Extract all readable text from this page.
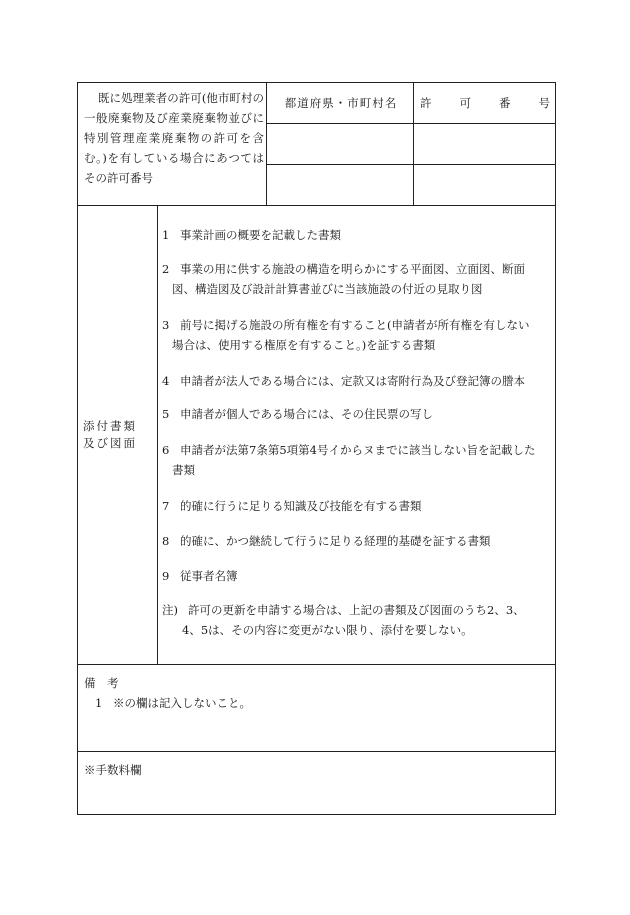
既に処理業者の許可(他市町村の一般廃棄物及び産業廃棄物並びに特別管理産業廃棄物の許可を含む。)を有している場合にあつてはその許可番号
都道府県・市町村名	許 可 番 号
添付書類
及び図面
1 事業計画の概要を記載した書類
2 事業の用に供する施設の構造を明らかにする平面図、立面図、断面
図、構造図及び設計計算書並びに当該施設の付近の見取り図
3 前号に掲げる施設の所有権を有すること(申請者が所有権を有しない
場合は、使用する権原を有すること。)を証する書類
4 申請者が法人である場合には、定款又は寄附行為及び登記簿の謄本
5 申請者が個人である場合には、その住民票の写し
6 申請者が法第7条第5項第4号イからヌまでに該当しない旨を記載した
書類
7 的確に行うに足りる知識及び技能を有する書類
8 的確に、かつ継続して行うに足りる経理的基礎を証する書類
9 従事者名簿
注) 許可の更新を申請する場合は、上記の書類及び図面のうち2、3、
4、5は、その内容に変更がない限り、添付を要しない。
備　考
1 ※の欄は記入しないこと。
※手数料欄
